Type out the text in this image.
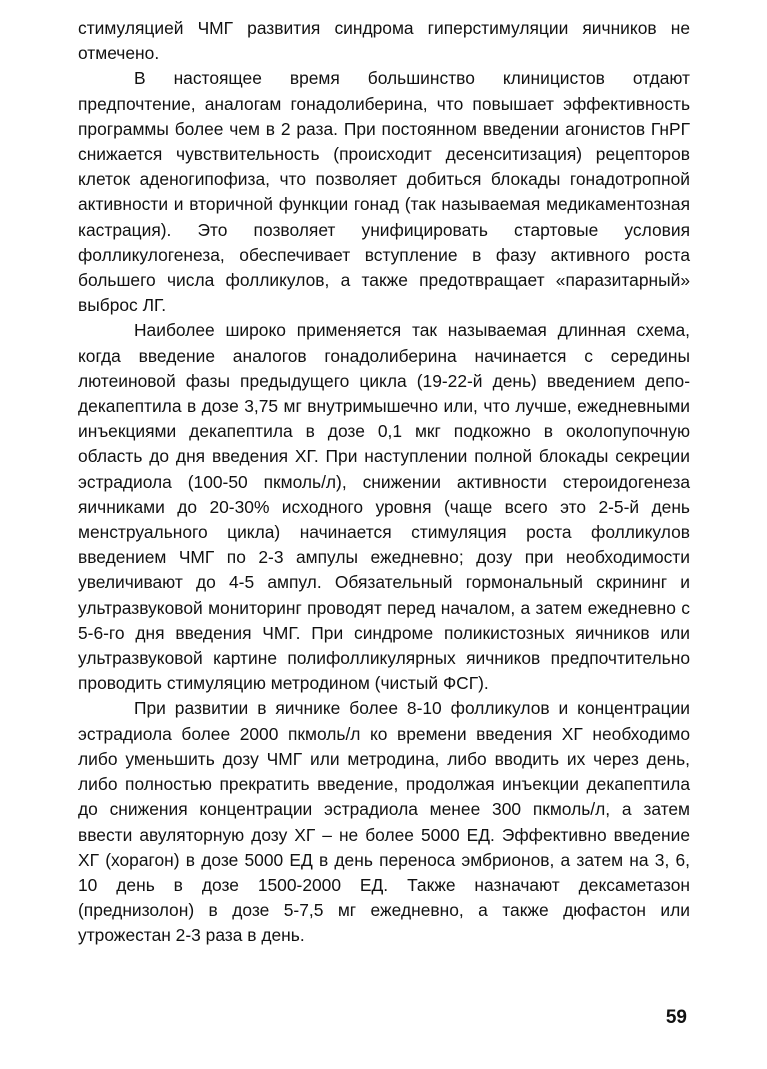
стимуляцией ЧМГ развития синдрома гиперстимуляции яичников не отмечено.

В настоящее время большинство клиницистов отдают предпочтение, аналогам гонадолиберина, что повышает эффективность программы более чем в 2 раза. При постоянном введении агонистов ГнРГ снижается чувствительность (происходит десенситизация) рецепторов клеток аденогипофиза, что позволяет добиться блокады гонадотропной активности и вторичной функции гонад (так называемая медикаментозная кастрация). Это позволяет унифицировать стартовые условия фолликулогенеза, обеспечивает вступление в фазу активного роста большего числа фолликулов, а также предотвращает «паразитарный» выброс ЛГ.

Наиболее широко применяется так называемая длинная схема, когда введение аналогов гонадолиберина начинается с середины лютеиновой фазы предыдущего цикла (19-22-й день) введением депо-декапептила в дозе 3,75 мг внутримышечно или, что лучше, ежедневными инъекциями декапептила в дозе 0,1 мкг подкожно в околопупочную область до дня введения ХГ. При наступлении полной блокады секреции эстрадиола (100-50 пкмоль/л), снижении активности стероидогенеза яичниками до 20-30% исходного уровня (чаще всего это 2-5-й день менструального цикла) начинается стимуляция роста фолликулов введением ЧМГ по 2-3 ампулы ежедневно; дозу при необходимости увеличивают до 4-5 ампул. Обязательный гормональный скрининг и ультразвуковой мониторинг проводят перед началом, а затем ежедневно с 5-6-го дня введения ЧМГ. При синдроме поликистозных яичников или ультразвуковой картине полифолликулярных яичников предпочтительно проводить стимуляцию метродином (чистый ФСГ).

При развитии в яичнике более 8-10 фолликулов и концентрации эстрадиола более 2000 пкмоль/л ко времени введения ХГ необходимо либо уменьшить дозу ЧМГ или метродина, либо вводить их через день, либо полностью прекратить введение, продолжая инъекции декапептила до снижения концентрации эстрадиола менее 300 пкмоль/л, а затем ввести авуляторную дозу ХГ – не более 5000 ЕД. Эффективно введение ХГ (хорагон) в дозе 5000 ЕД в день переноса эмбрионов, а затем на 3, 6, 10 день в дозе 1500-2000 ЕД. Также назначают дексаметазон (преднизолон) в дозе 5-7,5 мг ежедневно, а также дюфастон или утрожестан 2-3 раза в день.

59
